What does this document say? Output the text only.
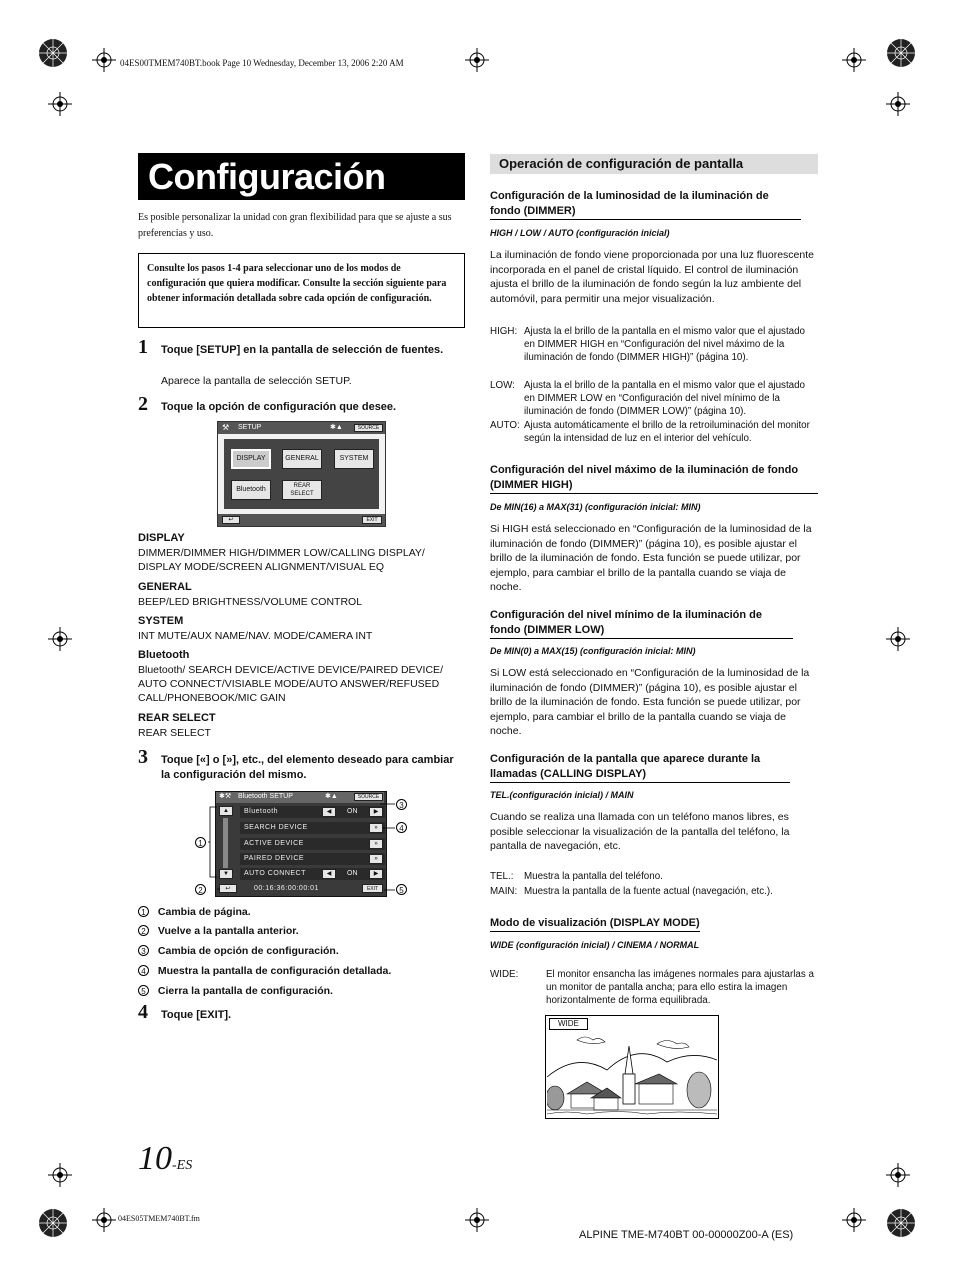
04ES00TMEM740BT.book Page 10 Wednesday, December 13, 2006 2:20 AM
Configuración
Es posible personalizar la unidad con gran flexibilidad para que se ajuste a sus preferencias y uso.
Consulte los pasos 1-4 para seleccionar uno de los modos de configuración que quiera modificar. Consulte la sección siguiente para obtener información detallada sobre cada opción de configuración.
1 Toque [SETUP] en la pantalla de selección de fuentes.
Aparece la pantalla de selección SETUP.
2 Toque la opción de configuración que desee.
⚒ SETUP	✱▲	SOURCE
DISPLAY	GENERAL	SYSTEM
Bluetooth	REAR SELECT
↩	EXIT
DISPLAY
DIMMER/DIMMER HIGH/DIMMER LOW/CALLING DISPLAY/ DISPLAY MODE/SCREEN ALIGNMENT/VISUAL EQ
GENERAL
BEEP/LED BRIGHTNESS/VOLUME CONTROL
SYSTEM
INT MUTE/AUX NAME/NAV. MODE/CAMERA INT
Bluetooth
Bluetooth/ SEARCH DEVICE/ACTIVE DEVICE/PAIRED DEVICE/ AUTO CONNECT/VISIABLE MODE/AUTO ANSWER/REFUSED CALL/PHONEBOOK/MIC GAIN
REAR SELECT
REAR SELECT
3 Toque [«] o [»], etc., del elemento deseado para cambiar la configuración del mismo.
✱⚒ Bluetooth SETUP	✱▲	SOURCE
▲
▼
Bluetooth	◀	ON	▶
SEARCH DEVICE	»
ACTIVE DEVICE	»
PAIRED DEVICE	»
AUTO CONNECT	◀	ON	▶
↩	00:16:36:00:00:01	EXIT
1
2
3
4
5
1 Cambia de página.
2 Vuelve a la pantalla anterior.
3 Cambia de opción de configuración.
4 Muestra la pantalla de configuración detallada.
5 Cierra la pantalla de configuración.
4 Toque [EXIT].
Operación de configuración de pantalla
Configuración de la luminosidad de la iluminación de fondo (DIMMER)
HIGH / LOW / AUTO (configuración inicial)
La iluminación de fondo viene proporcionada por una luz fluorescente incorporada en el panel de cristal líquido. El control de iluminación ajusta el brillo de la iluminación de fondo según la luz ambiente del automóvil, para permitir una mejor visualización.
HIGH: Ajusta la el brillo de la pantalla en el mismo valor que el ajustado en DIMMER HIGH en “Configuración del nivel máximo de la iluminación de fondo (DIMMER HIGH)” (página 10).
LOW: Ajusta la el brillo de la pantalla en el mismo valor que el ajustado en DIMMER LOW en “Configuración del nivel mínimo de la iluminación de fondo (DIMMER LOW)” (página 10).
AUTO: Ajusta automáticamente el brillo de la retroiluminación del monitor según la intensidad de luz en el interior del vehículo.
Configuración del nivel máximo de la iluminación de fondo (DIMMER HIGH)
De MIN(16) a MAX(31) (configuración inicial: MIN)
Si HIGH está seleccionado en “Configuración de la luminosidad de la iluminación de fondo (DIMMER)” (página 10), es posible ajustar el brillo de la iluminación de fondo. Esta función se puede utilizar, por ejemplo, para cambiar el brillo de la pantalla cuando se viaja de noche.
Configuración del nivel mínimo de la iluminación de fondo (DIMMER LOW)
De MIN(0) a MAX(15) (configuración inicial: MIN)
Si LOW está seleccionado en “Configuración de la luminosidad de la iluminación de fondo (DIMMER)” (página 10), es posible ajustar el brillo de la iluminación de fondo. Esta función se puede utilizar, por ejemplo, para cambiar el brillo de la pantalla cuando se viaja de noche.
Configuración de la pantalla que aparece durante la llamadas (CALLING DISPLAY)
TEL.(configuración inicial) / MAIN
Cuando se realiza una llamada con un teléfono manos libres, es posible seleccionar la visualización de la pantalla del teléfono, la pantalla de navegación, etc.
TEL.: Muestra la pantalla del teléfono.
MAIN: Muestra la pantalla de la fuente actual (navegación, etc.).
Modo de visualización (DISPLAY MODE)
WIDE (configuración inicial) / CINEMA / NORMAL
WIDE:	El monitor ensancha las imágenes normales para ajustarlas a un monitor de pantalla ancha; para ello estira la imagen horizontalmente de forma equilibrada.
WIDE
10-ES
04ES05TMEM740BT.fm
ALPINE TME-M740BT 00-00000Z00-A (ES)
